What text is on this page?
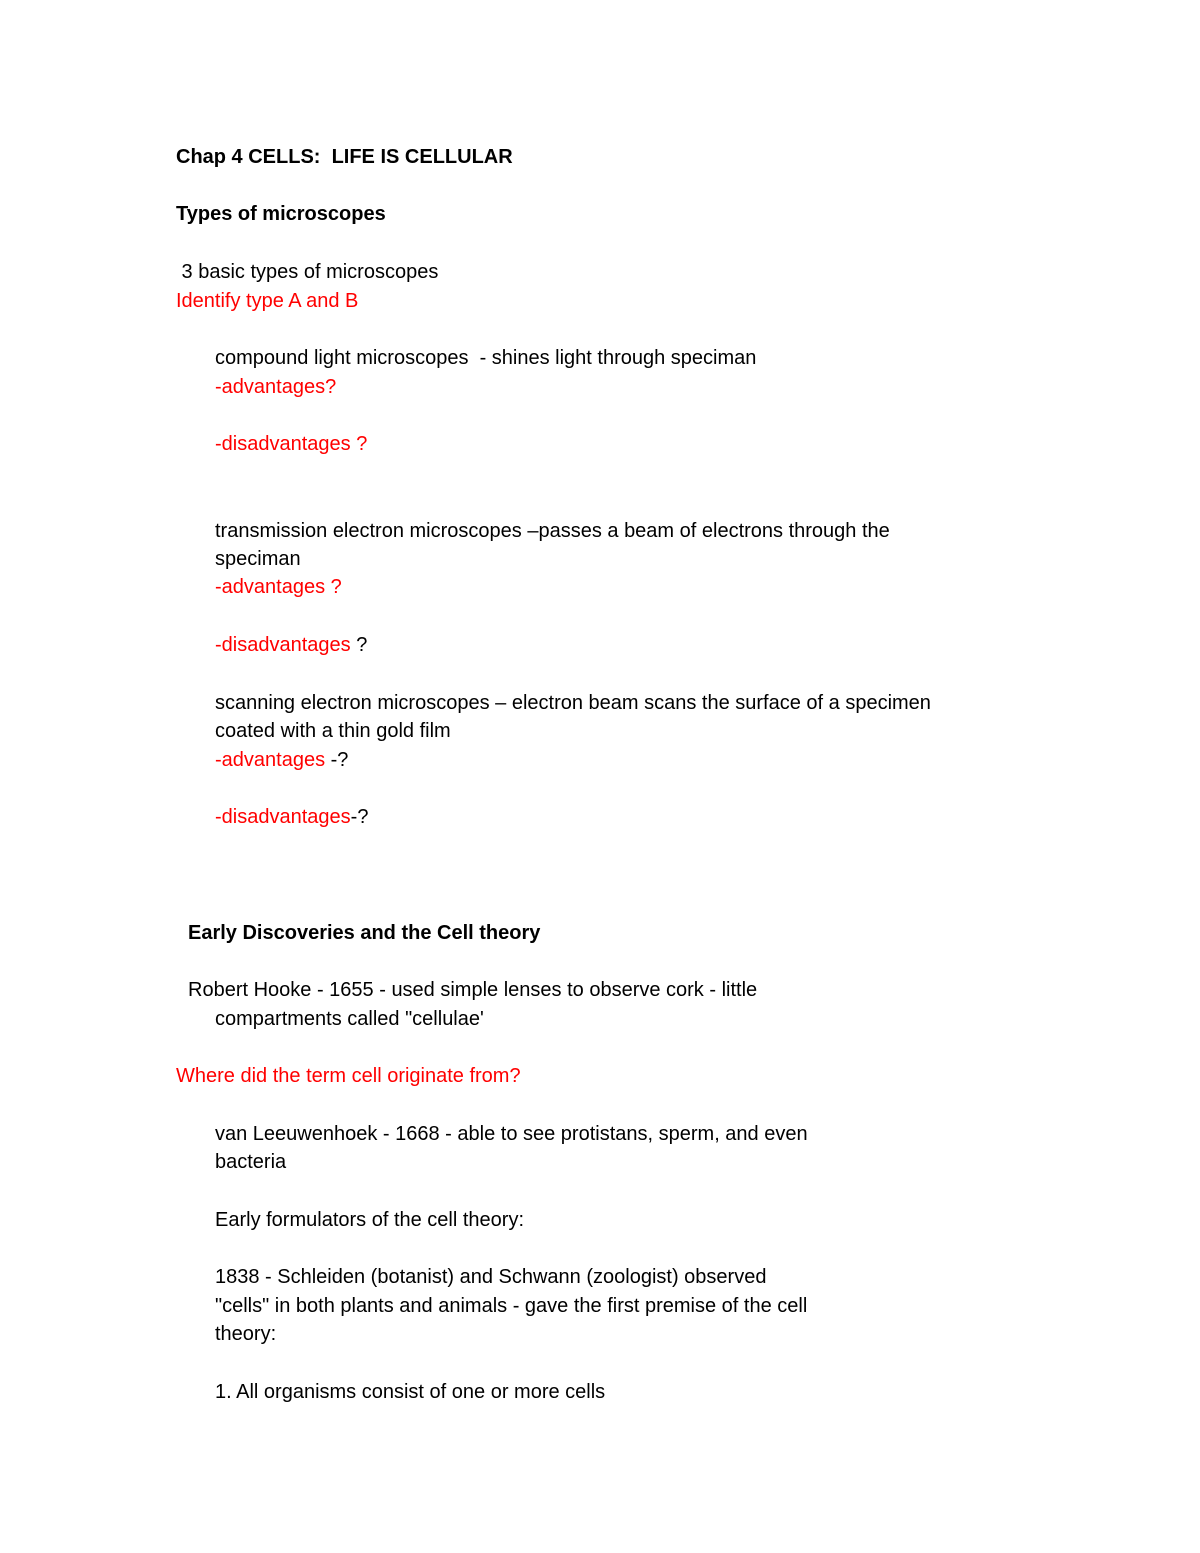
Chap 4 CELLS:  LIFE IS CELLULAR
Types of microscopes
3 basic types of microscopes
Identify type A and B
compound light microscopes  - shines light through speciman
-advantages?
-disadvantages ?
transmission electron microscopes –passes a beam of electrons through the
speciman
-advantages ?
-disadvantages ?
scanning electron microscopes – electron beam scans the surface of a specimen
coated with a thin gold film
-advantages -?
-disadvantages-?
Early Discoveries and the Cell theory
Robert Hooke - 1655 - used simple lenses to observe cork - little
compartments called "cellulae'
Where did the term cell originate from?
van Leeuwenhoek - 1668 - able to see protistans, sperm, and even
bacteria
Early formulators of the cell theory:
1838 - Schleiden (botanist) and Schwann (zoologist) observed
"cells" in both plants and animals - gave the first premise of the cell
theory:
1. All organisms consist of one or more cells
